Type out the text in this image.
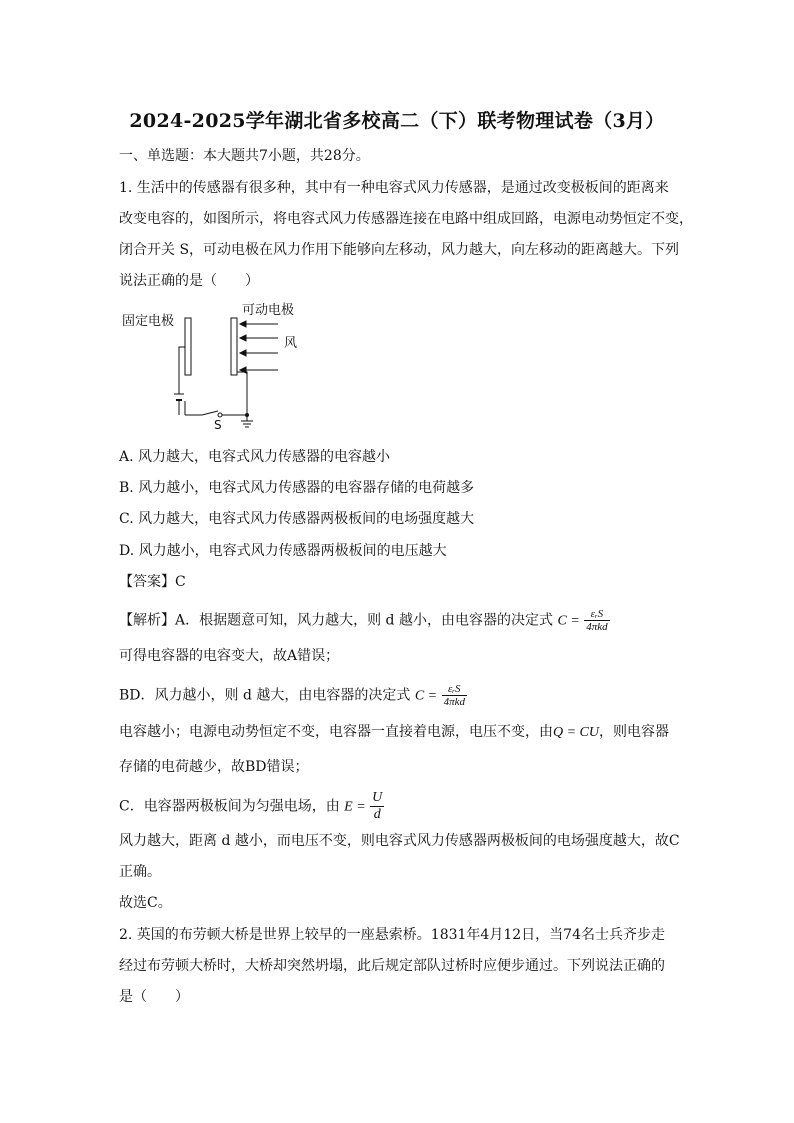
2024-2025学年湖北省多校高二（下）联考物理试卷（3月）
一、单选题：本大题共7小题，共28分。
1. 生活中的传感器有很多种，其中有一种电容式风力传感器，是通过改变极板间的距离来
改变电容的，如图所示，将电容式风力传感器连接在电路中组成回路，电源电动势恒定不变，
闭合开关 S，可动电极在风力作用下能够向左移动，风力越大，向左移动的距离越大。下列
说法正确的是（　　）
固定电极
可动电极
风
S
A. 风力越大，电容式风力传感器的电容越小
B. 风力越小，电容式风力传感器的电容器存储的电荷越多
C. 风力越大，电容式风力传感器两极板间的电场强度越大
D. 风力越小，电容式风力传感器两极板间的电压越大
【答案】C
【解析】A．根据题意可知，风力越大，则 d 越小，由电容器的决定式 $C = \frac{\text{εᵣS}}{\text{4πkd}}$
可得电容器的电容变大，故A错误；
BD．风力越小，则 d 越大，由电容器的决定式 $C = \frac{\text{εᵣS}}{\text{4πkd}}$
电容越小；电源电动势恒定不变，电容器一直接着电源，电压不变，由Q = CU，则电容器
存储的电荷越少，故BD错误；
C．电容器两极板间为匀强电场，由 $E = \frac{U}{d}$
风力越大，距离 d 越小，而电压不变，则电容式风力传感器两极板间的电场强度越大，故C
正确。
故选C。
2. 英国的布劳顿大桥是世界上较早的一座悬索桥。1831年4月12日，当74名士兵齐步走
经过布劳顿大桥时，大桥却突然坍塌，此后规定部队过桥时应便步通过。下列说法正确的
是（　　）
